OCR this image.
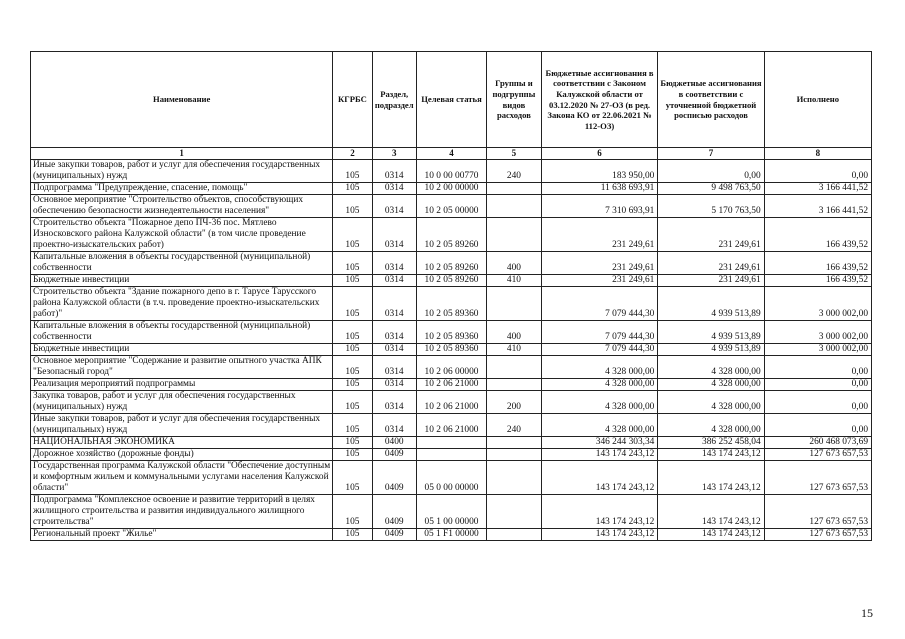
Наименование	КГРБС	Раздел, подраздел	Целевая статья	Группы и подгруппы видов расходов	Бюджетные ассигнования в соответствии с Законом Калужской области от 03.12.2020 № 27-ОЗ (в ред. Закона КО от 22.06.2021 № 112-ОЗ)	Бюджетные ассигнования в соответствии с уточненной бюджетной росписью расходов	Исполнено
1	2	3	4	5	6	7	8
Иные закупки товаров, работ и услуг для обеспечения государственных (муниципальных) нужд	105	0314	10 0 00 00770	240	183 950,00	0,00	0,00
Подпрограмма "Предупреждение, спасение, помощь"	105	0314	10 2 00 00000		11 638 693,91	9 498 763,50	3 166 441,52
Основное мероприятие "Строительство объектов, способствующих обеспечению безопасности жизнедеятельности населения"	105	0314	10 2 05 00000		7 310 693,91	5 170 763,50	3 166 441,52
Строительство объекта "Пожарное депо ПЧ-36 пос. Мятлево Износковского района Калужской области" (в том числе проведение проектно-изыскательских работ)	105	0314	10 2 05 89260		231 249,61	231 249,61	166 439,52
Капитальные вложения в объекты государственной (муниципальной) собственности	105	0314	10 2 05 89260	400	231 249,61	231 249,61	166 439,52
Бюджетные инвестиции	105	0314	10 2 05 89260	410	231 249,61	231 249,61	166 439,52
Строительство объекта "Здание пожарного депо в г. Тарусе Тарусского района Калужской области (в т.ч. проведение проектно-изыскательских работ)"	105	0314	10 2 05 89360		7 079 444,30	4 939 513,89	3 000 002,00
Капитальные вложения в объекты государственной (муниципальной) собственности	105	0314	10 2 05 89360	400	7 079 444,30	4 939 513,89	3 000 002,00
Бюджетные инвестиции	105	0314	10 2 05 89360	410	7 079 444,30	4 939 513,89	3 000 002,00
Основное мероприятие "Содержание и развитие опытного участка АПК "Безопасный город"	105	0314	10 2 06 00000		4 328 000,00	4 328 000,00	0,00
Реализация мероприятий подпрограммы	105	0314	10 2 06 21000		4 328 000,00	4 328 000,00	0,00
Закупка товаров, работ и услуг для обеспечения государственных (муниципальных) нужд	105	0314	10 2 06 21000	200	4 328 000,00	4 328 000,00	0,00
Иные закупки товаров, работ и услуг для обеспечения государственных (муниципальных) нужд	105	0314	10 2 06 21000	240	4 328 000,00	4 328 000,00	0,00
НАЦИОНАЛЬНАЯ ЭКОНОМИКА	105	0400			346 244 303,34	386 252 458,04	260 468 073,69
Дорожное хозяйство (дорожные фонды)	105	0409			143 174 243,12	143 174 243,12	127 673 657,53
Государственная программа Калужской области "Обеспечение доступным и комфортным жильем и коммунальными услугами населения Калужской области"	105	0409	05 0 00 00000		143 174 243,12	143 174 243,12	127 673 657,53
Подпрограмма "Комплексное освоение и развитие территорий в целях жилищного строительства и развития индивидуального жилищного строительства"	105	0409	05 1 00 00000		143 174 243,12	143 174 243,12	127 673 657,53
Региональный проект "Жилье"	105	0409	05 1 F1 00000		143 174 243,12	143 174 243,12	127 673 657,53
15
